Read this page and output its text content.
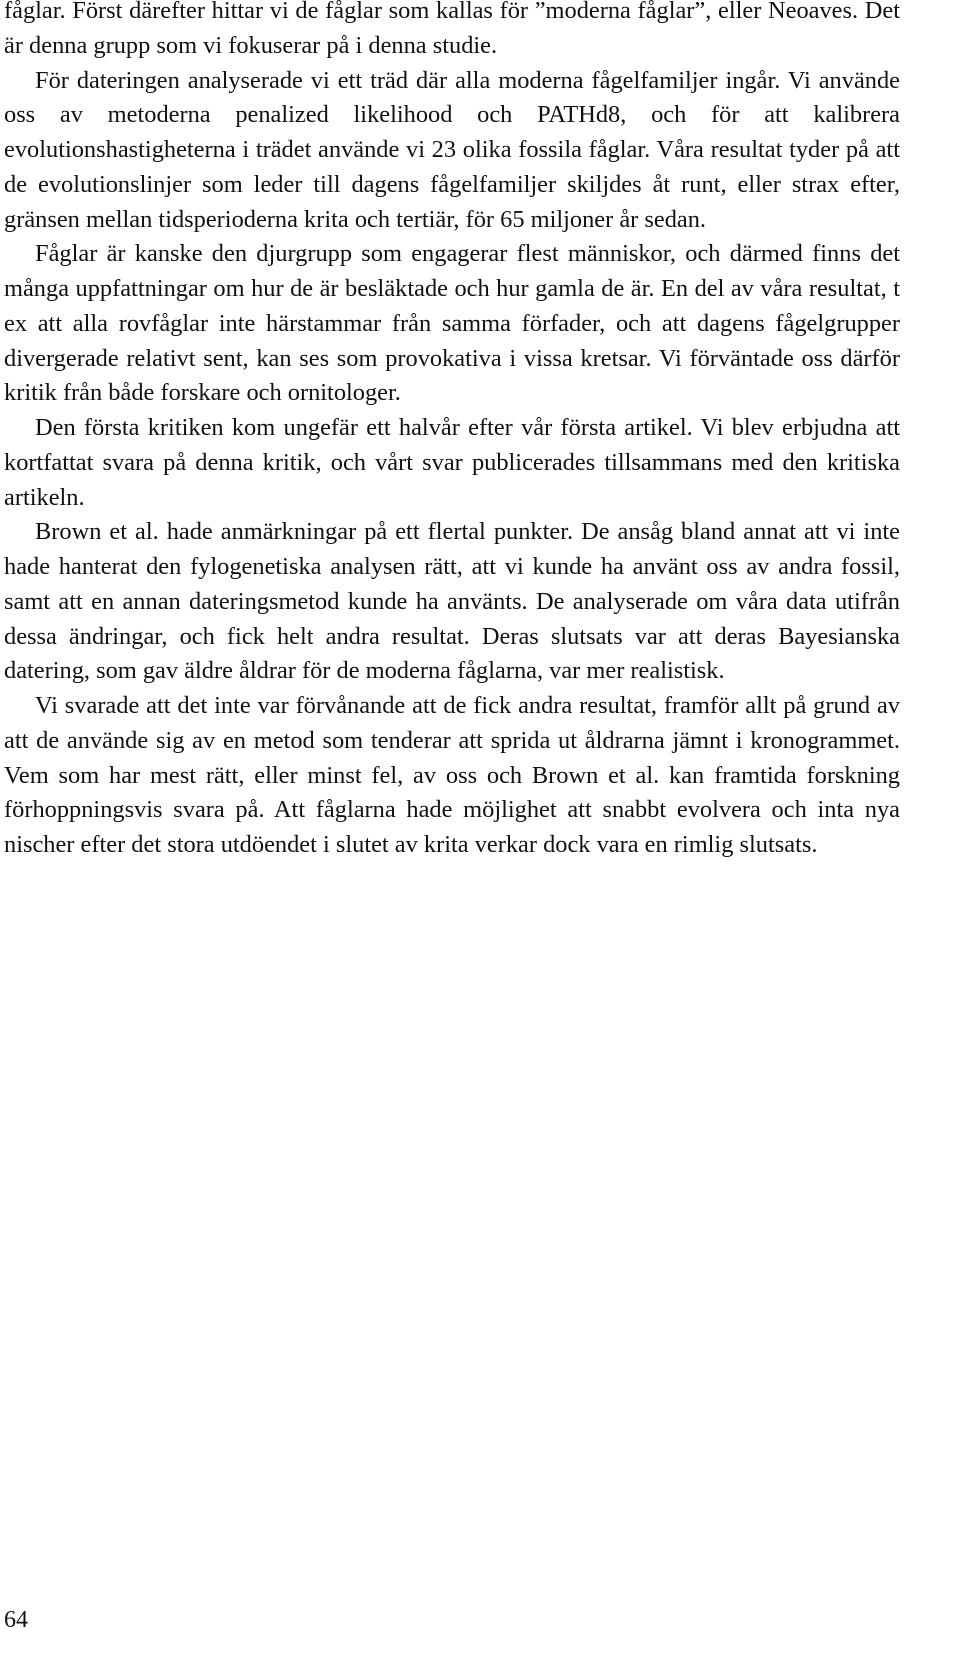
fåglar. Först därefter hittar vi de fåglar som kallas för ”moderna fåglar”, eller Neoaves. Det är denna grupp som vi fokuserar på i denna studie.

För dateringen analyserade vi ett träd där alla moderna fågelfamiljer ingår. Vi använde oss av metoderna penalized likelihood och PATHd8, och för att kalibrera evolutionshastigheterna i trädet använde vi 23 olika fossila fåglar. Våra resultat tyder på att de evolutionslinjer som leder till dagens fågelfamiljer skiljdes åt runt, eller strax efter, gränsen mellan tidsperioderna krita och tertiär, för 65 miljoner år sedan.

Fåglar är kanske den djurgrupp som engagerar flest människor, och därmed finns det många uppfattningar om hur de är besläktade och hur gamla de är. En del av våra resultat, t ex att alla rovfåglar inte härstammar från samma förfader, och att dagens fågelgrupper divergerade relativt sent, kan ses som provokativa i vissa kretsar. Vi förväntade oss därför kritik från både forskare och ornitologer.

Den första kritiken kom ungefär ett halvår efter vår första artikel. Vi blev erbjudna att kortfattat svara på denna kritik, och vårt svar publicerades tillsammans med den kritiska artikeln.

Brown et al. hade anmärkningar på ett flertal punkter. De ansåg bland annat att vi inte hade hanterat den fylogenetiska analysen rätt, att vi kunde ha använt oss av andra fossil, samt att en annan dateringsmetod kunde ha använts. De analyserade om våra data utifrån dessa ändringar, och fick helt andra resultat. Deras slutsats var att deras Bayesianska datering, som gav äldre åldrar för de moderna fåglarna, var mer realistisk.

Vi svarade att det inte var förvånande att de fick andra resultat, framför allt på grund av att de använde sig av en metod som tenderar att sprida ut åldrarna jämnt i kronogrammet. Vem som har mest rätt, eller minst fel, av oss och Brown et al. kan framtida forskning förhoppningsvis svara på. Att fåglarna hade möjlighet att snabbt evolvera och inta nya nischer efter det stora utdöendet i slutet av krita verkar dock vara en rimlig slutsats.

64
